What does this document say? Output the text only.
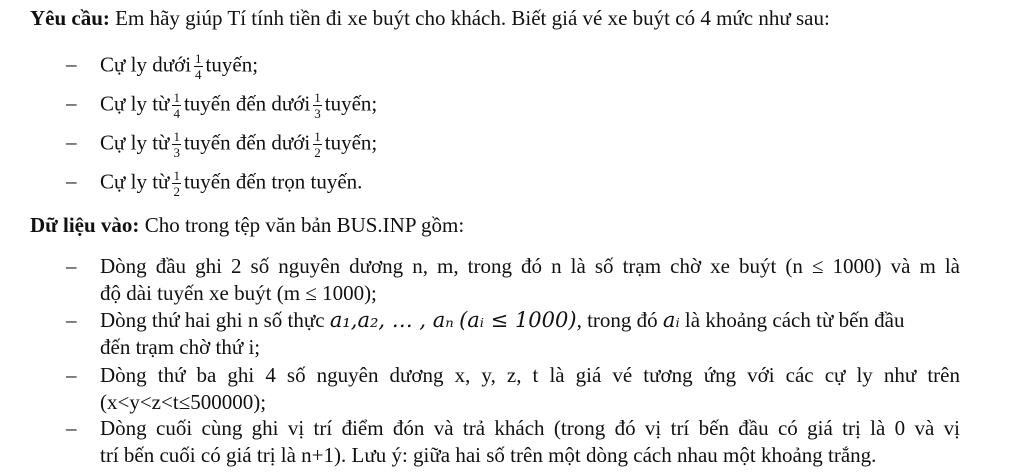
Yêu cầu: Em hãy giúp Tí tính tiền đi xe buýt cho khách. Biết giá vé xe buýt có 4 mức như sau:
– Cự ly dưới $\frac{1}{4}$ tuyến;
– Cự ly từ $\frac{1}{4}$ tuyến đến dưới $\frac{1}{3}$ tuyến;
– Cự ly từ $\frac{1}{3}$ tuyến đến dưới $\frac{1}{2}$ tuyến;
– Cự ly từ $\frac{1}{2}$ tuyến đến trọn tuyến.
Dữ liệu vào: Cho trong tệp văn bản BUS.INP gồm:
– Dòng đầu ghi 2 số nguyên dương n, m, trong đó n là số trạm chờ xe buýt (n ≤ 1000) và m là
độ dài tuyến xe buýt (m ≤ 1000);
– Dòng thứ hai ghi n số thực a₁,a₂, … , aₙ (aᵢ ≤ 1000), trong đó aᵢ là khoảng cách từ bến đầu
đến trạm chờ thứ i;
– Dòng thứ ba ghi 4 số nguyên dương x, y, z, t là giá vé tương ứng với các cự ly như trên
(x<y<z<t≤500000);
– Dòng cuối cùng ghi vị trí điểm đón và trả khách (trong đó vị trí bến đầu có giá trị là 0 và vị
trí bến cuối có giá trị là n+1). Lưu ý: giữa hai số trên một dòng cách nhau một khoảng trắng.
